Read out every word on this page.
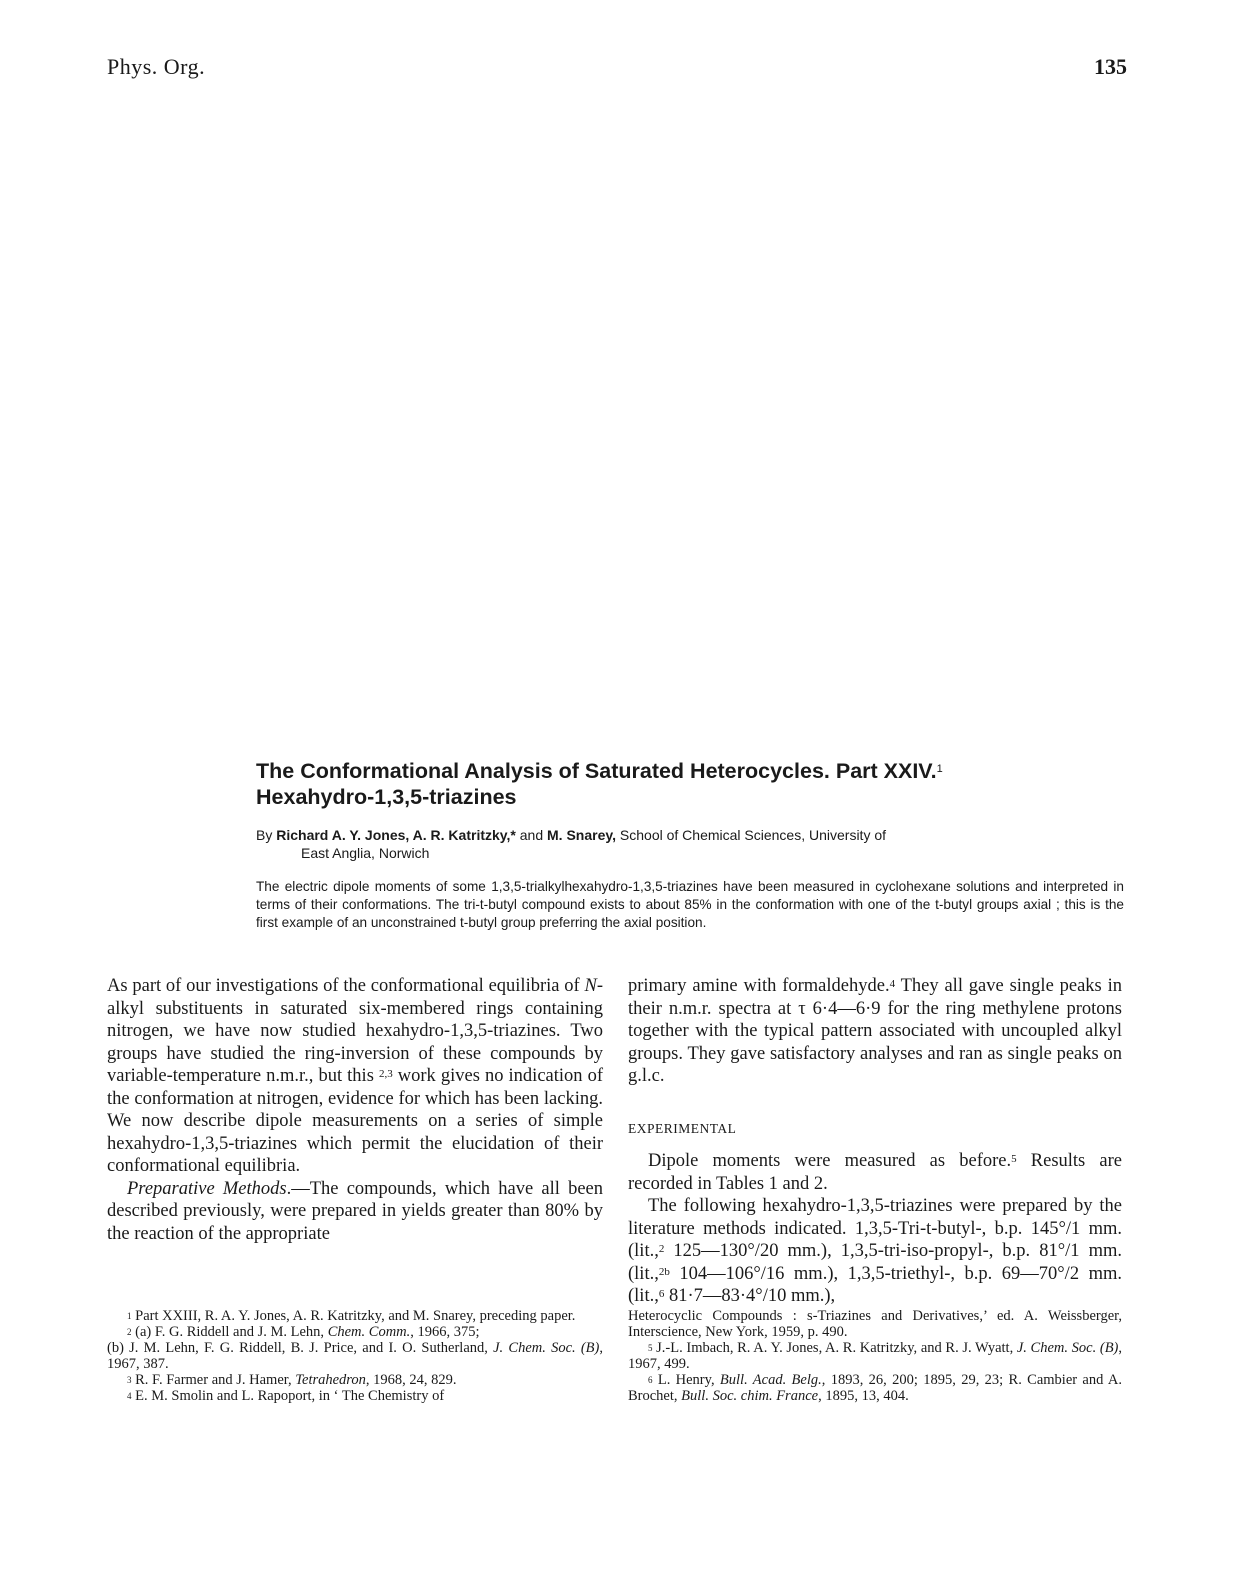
Phys. Org.	135
The Conformational Analysis of Saturated Heterocycles. Part XXIV.$^1$
Hexahydro-1,3,5-triazines

By Richard A. Y. Jones, A. R. Katritzky,* and M. Snarey, School of Chemical Sciences, University of
East Anglia, Norwich

The electric dipole moments of some 1,3,5-trialkylhexahydro-1,3,5-triazines have been measured in cyclohexane solutions and interpreted in terms of their conformations. The tri-t-butyl compound exists to about 85% in the conformation with one of the t-butyl groups axial ; this is the first example of an unconstrained t-butyl group preferring the axial position.

As part of our investigations of the conformational equilibria of N-alkyl substituents in saturated six-membered rings containing nitrogen, we have now studied hexahydro-1,3,5-triazines. Two groups have studied the ring-inversion of these compounds by variable-temperature n.m.r., but this $^{2,3}$ work gives no indication of the conformation at nitrogen, evidence for which has been lacking. We now describe dipole measurements on a series of simple hexahydro-1,3,5-triazines which permit the elucidation of their conformational equilibria.

Preparative Methods.—The compounds, which have all been described previously, were prepared in yields greater than 80% by the reaction of the appropriate

primary amine with formaldehyde.$^4$ They all gave single peaks in their n.m.r. spectra at τ 6·4—6·9 for the ring methylene protons together with the typical pattern associated with uncoupled alkyl groups. They gave satisfactory analyses and ran as single peaks on g.l.c.

EXPERIMENTAL

Dipole moments were measured as before.$^5$ Results are recorded in Tables 1 and 2.

The following hexahydro-1,3,5-triazines were prepared by the literature methods indicated. 1,3,5-Tri-t-butyl-, b.p. 145°/1 mm. (lit.,$^2$ 125—130°/20 mm.), 1,3,5-tri-iso-propyl-, b.p. 81°/1 mm. (lit.,$^{2b}$ 104—106°/16 mm.), 1,3,5-triethyl-, b.p. 69—70°/2 mm. (lit.,$^6$ 81·7—83·4°/10 mm.),

$^1$ Part XXIII, R. A. Y. Jones, A. R. Katritzky, and M. Snarey, preceding paper.

$^2$ (a) F. G. Riddell and J. M. Lehn, Chem. Comm., 1966, 375;
(b) J. M. Lehn, F. G. Riddell, B. J. Price, and I. O. Sutherland, J. Chem. Soc. (B), 1967, 387.

$^3$ R. F. Farmer and J. Hamer, Tetrahedron, 1968, 24, 829.

$^4$ E. M. Smolin and L. Rapoport, in ‘ The Chemistry of

Heterocyclic Compounds : s-Triazines and Derivatives,’ ed. A. Weissberger, Interscience, New York, 1959, p. 490.

$^5$ J.-L. Imbach, R. A. Y. Jones, A. R. Katritzky, and R. J. Wyatt, J. Chem. Soc. (B), 1967, 499.

$^6$ L. Henry, Bull. Acad. Belg., 1893, 26, 200; 1895, 29, 23; R. Cambier and A. Brochet, Bull. Soc. chim. France, 1895, 13, 404.
